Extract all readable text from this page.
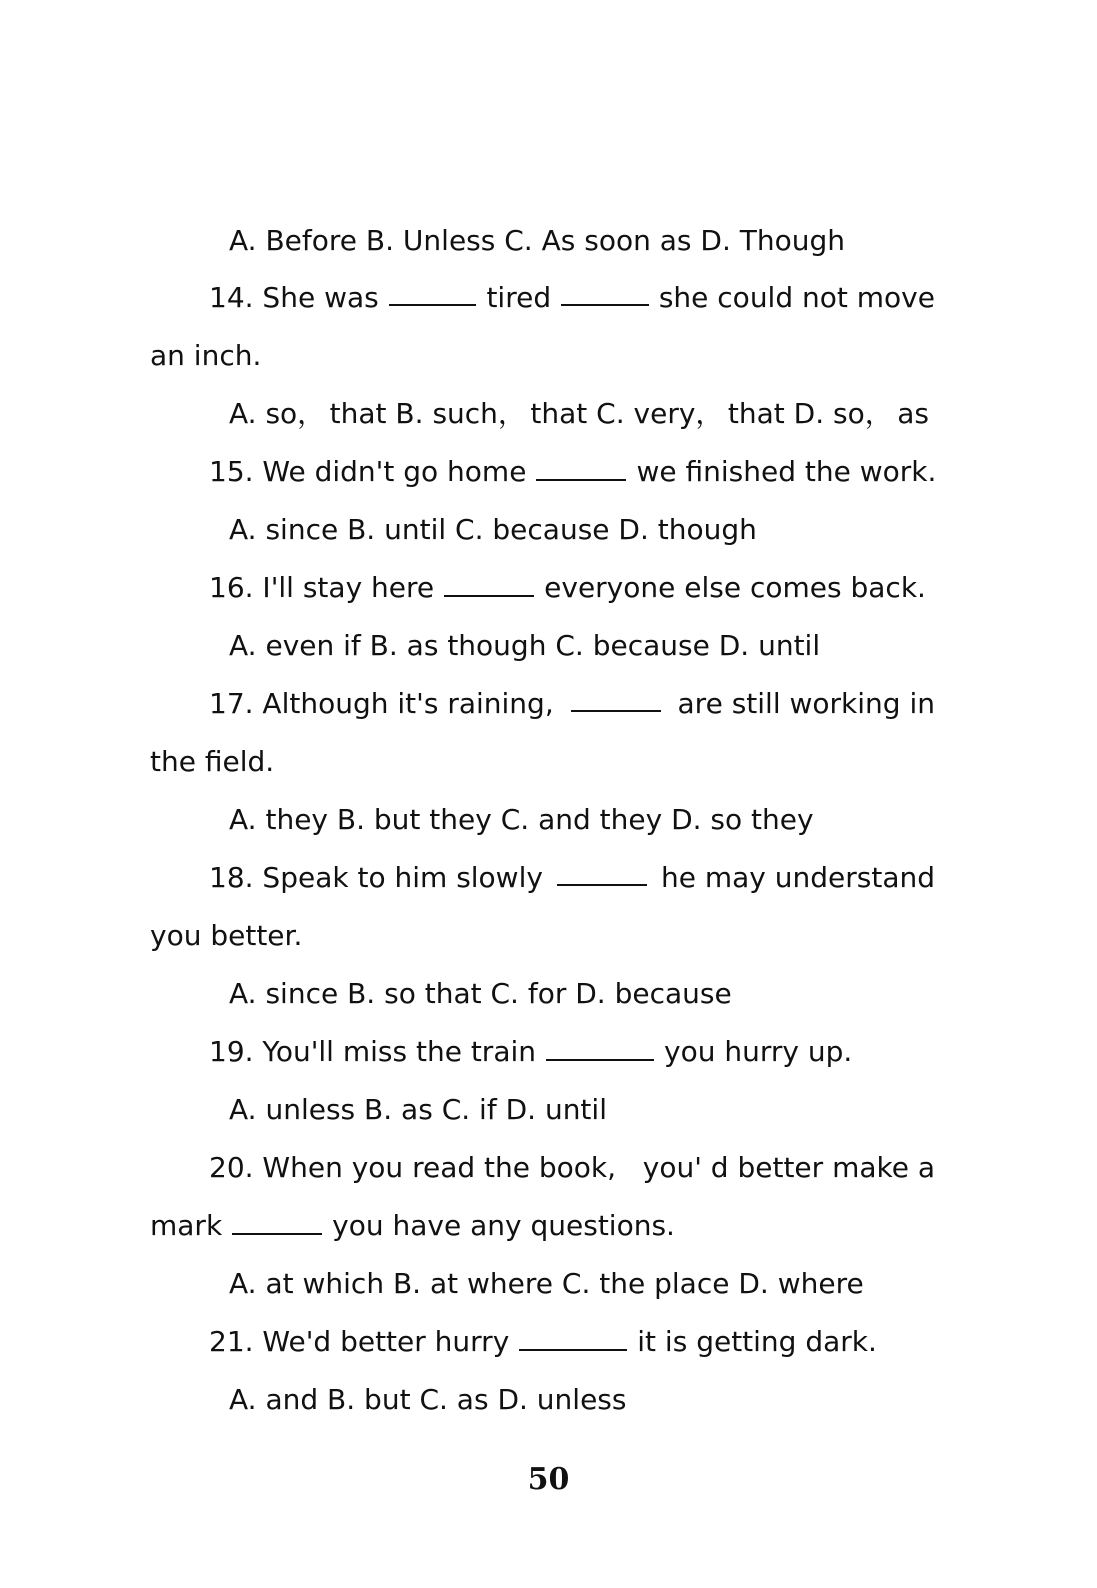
A. Before B. Unless C. As soon as D. Though
14. She was	tired	she could not move
an inch.
A. so， that B. such， that C. very， that D. so， as
15. We didn't go home	we finished the work.
A. since B. until C. because D. though
16. I'll stay here	everyone else comes back.
A. even if B. as though C. because D. until
17. Although it's raining,	are still working in
the field.
A. they B. but they C. and they D. so they
18. Speak to him slowly	he may understand
you better.
A. since B. so that C. for D. because
19. You'll miss the train	you hurry up.
A. unless B. as C. if D. until
20. When you read the book, you' d better make a
mark	you have any questions.
A. at which B. at where C. the place D. where
21. We'd better hurry	it is getting dark.
A. and B. but C. as D. unless
50
